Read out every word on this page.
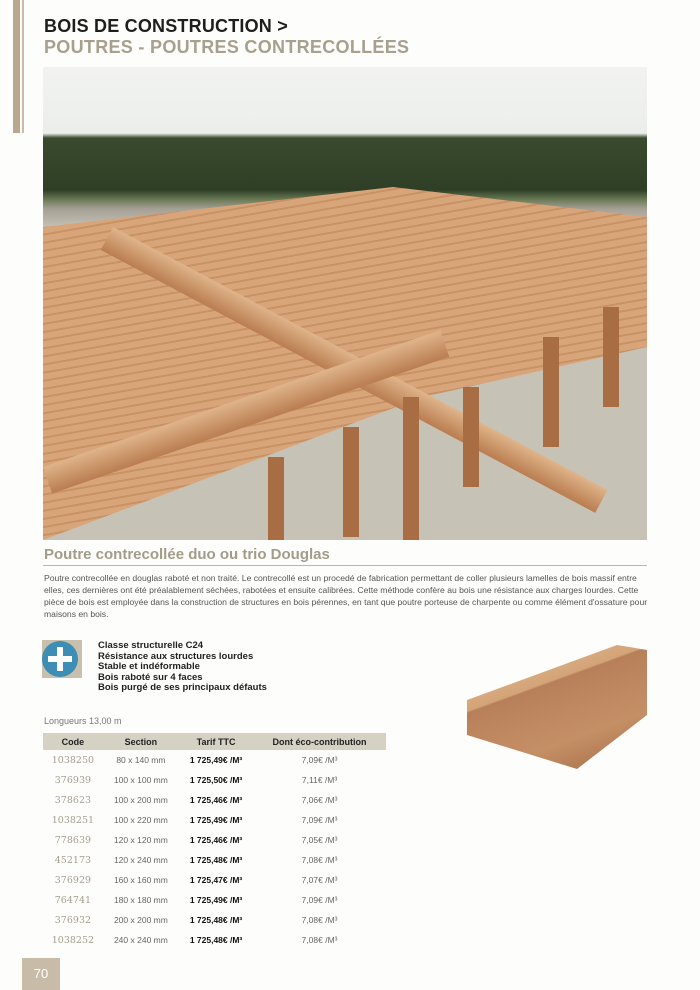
BOIS DE CONSTRUCTION >
POUTRES - POUTRES CONTRECOLLÉES
Poutre contrecollée duo ou trio Douglas

Poutre contrecollée en douglas raboté et non traité. Le contrecollé est un procedé de fabrication permettant de coller plusieurs lamelles de bois massif entre elles, ces dernières ont été préalablement séchées, rabotées et ensuite calibrées. Cette méthode confère au bois une résistance aux charges lourdes. Cette pièce de bois est employée dans la construction de structures en bois pérennes, en tant que poutre porteuse de charpente ou comme élément d'ossature pour maisons en bois.

Classe structurelle C24
Résistance aux structures lourdes
Stable et indéformable
Bois raboté sur 4 faces
Bois purgé de ses principaux défauts
Longueurs 13,00 m
Code	Section	Tarif TTC	Dont éco-contribution
1038250	80 x 140 mm	1 725,49€ /M³	7,09€ /M³
376939	100 x 100 mm	1 725,50€ /M³	7,11€ /M³
378623	100 x 200 mm	1 725,46€ /M³	7,06€ /M³
1038251	100 x 220 mm	1 725,49€ /M³	7,09€ /M³
778639	120 x 120 mm	1 725,46€ /M³	7,05€ /M³
452173	120 x 240 mm	1 725,48€ /M³	7,08€ /M³
376929	160 x 160 mm	1 725,47€ /M³	7,07€ /M³
764741	180 x 180 mm	1 725,49€ /M³	7,09€ /M³
376932	200 x 200 mm	1 725,48€ /M³	7,08€ /M³
1038252	240 x 240 mm	1 725,48€ /M³	7,08€ /M³
70
